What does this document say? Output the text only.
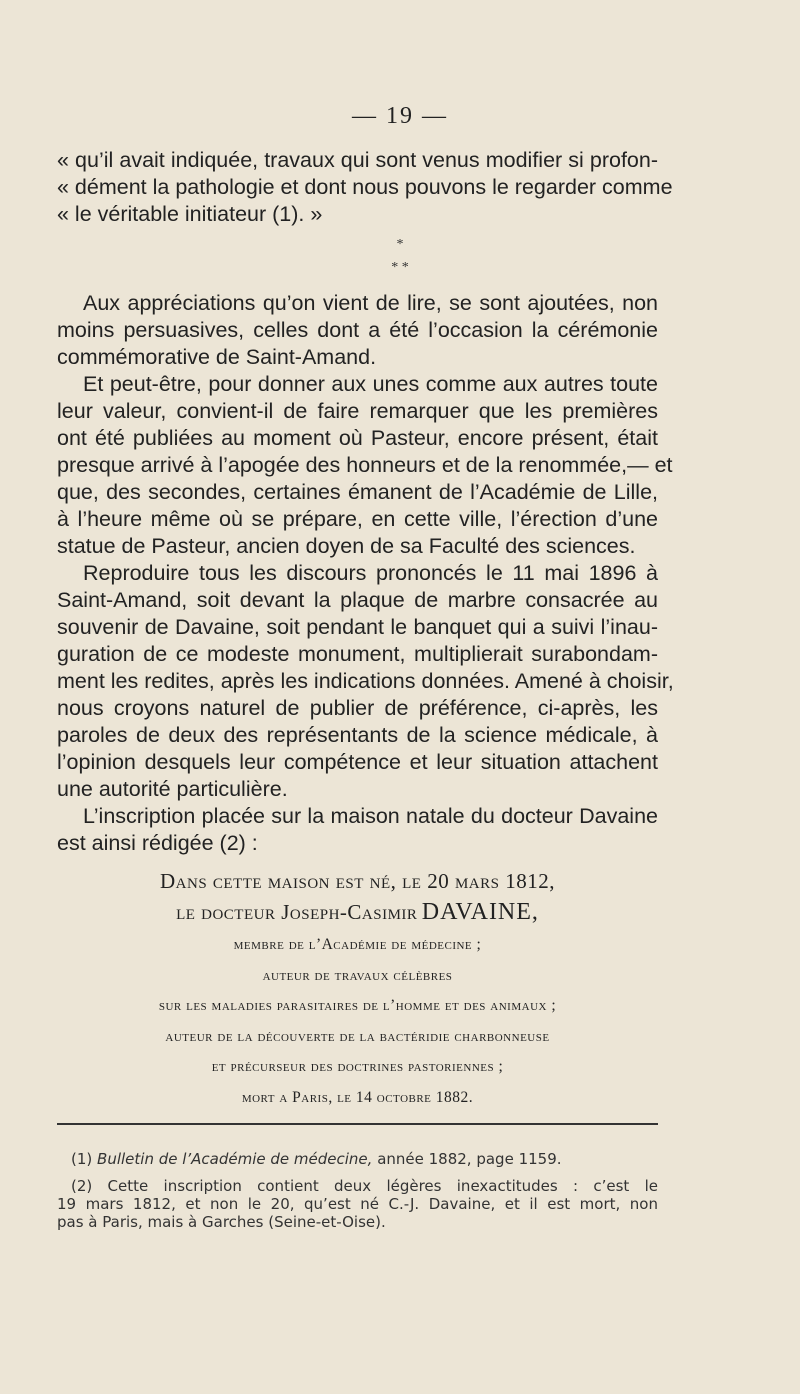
— 19 —
« qu’il avait indiquée, travaux qui sont venus modifier si profon-
« dément la pathologie et dont nous pouvons le regarder comme
« le véritable initiateur (1). »
*
* *
Aux appréciations qu’on vient de lire, se sont ajoutées, non
moins persuasives, celles dont a été l’occasion la cérémonie
commémorative de Saint-Amand.
Et peut-être, pour donner aux unes comme aux autres toute
leur valeur, convient-il de faire remarquer que les premières
ont été publiées au moment où Pasteur, encore présent, était
presque arrivé à l’apogée des honneurs et de la renommée,— et
que, des secondes, certaines émanent de l’Académie de Lille,
à l’heure même où se prépare, en cette ville, l’érection d’une
statue de Pasteur, ancien doyen de sa Faculté des sciences.
Reproduire tous les discours prononcés le 11 mai 1896 à
Saint-Amand, soit devant la plaque de marbre consacrée au
souvenir de Davaine, soit pendant le banquet qui a suivi l’inau-
guration de ce modeste monument, multiplierait surabondam-
ment les redites, après les indications données. Amené à choisir,
nous croyons naturel de publier de préférence, ci-après, les
paroles de deux des représentants de la science médicale, à
l’opinion desquels leur compétence et leur situation attachent
une autorité particulière.
L’inscription placée sur la maison natale du docteur Davaine
est ainsi rédigée (2) :
Dans cette maison est né, le 20 mars 1812,
le docteur Joseph-Casimir DAVAINE,
membre de l’Académie de médecine ;
auteur de travaux célèbres
sur les maladies parasitaires de l’homme et des animaux ;
auteur de la découverte de la bactéridie charbonneuse
et précurseur des doctrines pastoriennes ;
mort a Paris, le 14 octobre 1882.
(1) Bulletin de l’Académie de médecine, année 1882, page 1159.
(2) Cette inscription contient deux légères inexactitudes : c’est le
19 mars 1812, et non le 20, qu’est né C.-J. Davaine, et il est mort, non
pas à Paris, mais à Garches (Seine-et-Oise).
